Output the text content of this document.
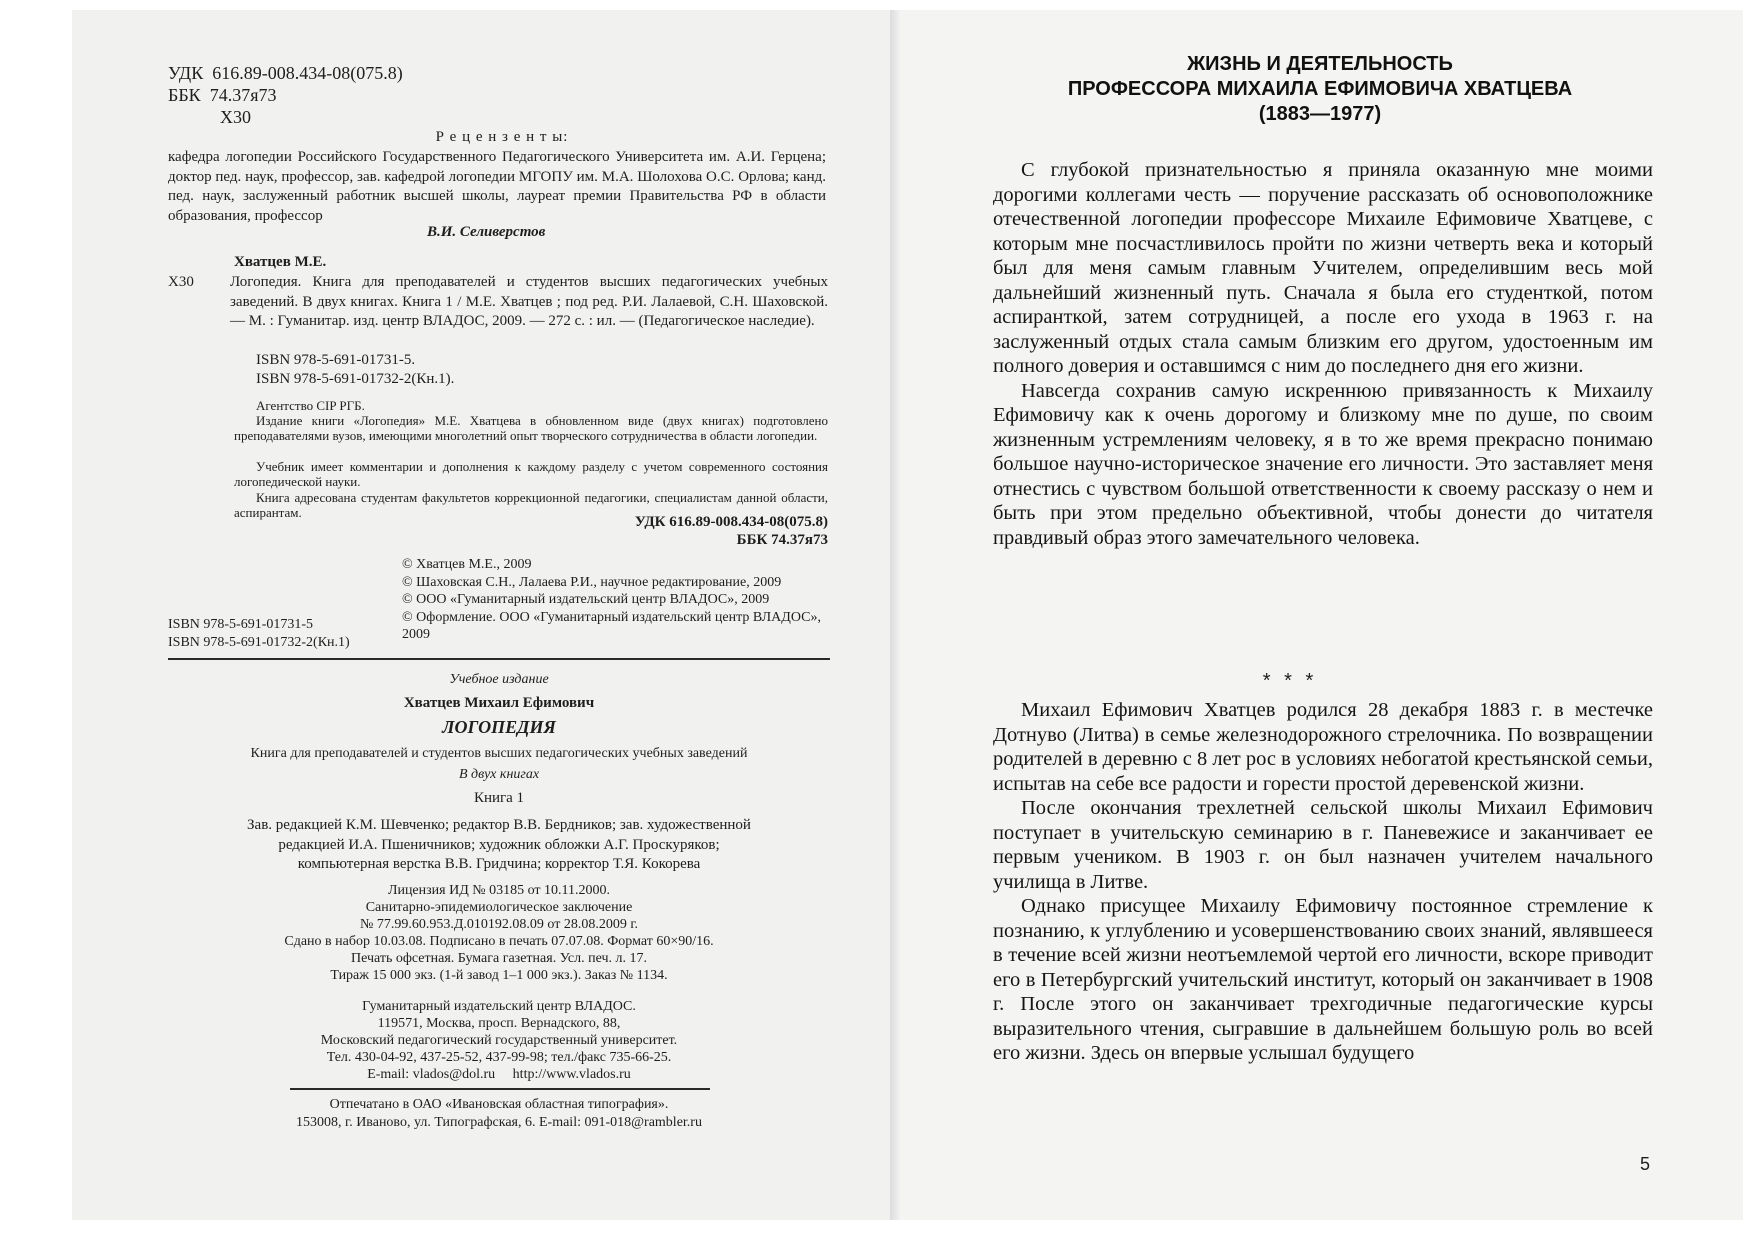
УДК 616.89-008.434-08(075.8)
ББК 74.37я73
Х30
Р е ц е н з е н т ы:
кафедра логопедии Российского Государственного Педагогического Университета им. А.И. Герцена; доктор пед. наук, профессор, зав. кафедрой логопедии МГОПУ им. М.А. Шолохова О.С. Орлова; канд. пед. наук, заслуженный работник высшей школы, лауреат премии Правительства РФ в области образования, профессор
В.И. Селиверстов
Хватцев М.Е.
Х30 Логопедия. Книга для преподавателей и студентов высших педагогических учебных заведений. В двух книгах. Книга 1 / М.Е. Хватцев ; под ред. Р.И. Лалаевой, С.Н. Шаховской. — М. : Гуманитар. изд. центр ВЛАДОС, 2009. — 272 с. : ил. — (Педагогическое наследие).
ISBN 978-5-691-01731-5.
ISBN 978-5-691-01732-2(Кн.1).
Агентство CIP РГБ.
Издание книги «Логопедия» М.Е. Хватцева в обновленном виде (двух книгах) подготовлено преподавателями вузов, имеющими многолетний опыт творческого сотрудничества в области логопедии.
Учебник имеет комментарии и дополнения к каждому разделу с учетом современного состояния логопедической науки.
Книга адресована студентам факультетов коррекционной педагогики, специалистам данной области, аспирантам.
УДК 616.89-008.434-08(075.8)
ББК 74.37я73
© Хватцев М.Е., 2009
© Шаховская С.Н., Лалаева Р.И., научное редактирование, 2009
© ООО «Гуманитарный издательский центр ВЛАДОС», 2009
© Оформление. ООО «Гуманитарный издательский центр ВЛАДОС», 2009
ISBN 978-5-691-01731-5
ISBN 978-5-691-01732-2(Кн.1)
Учебное издание
Хватцев Михаил Ефимович
ЛОГОПЕДИЯ
Книга для преподавателей и студентов высших педагогических учебных заведений
В двух книгах
Книга 1
Зав. редакцией К.М. Шевченко; редактор В.В. Бердников; зав. художественной
редакцией И.А. Пшеничников; художник обложки А.Г. Проскуряков;
компьютерная верстка В.В. Гридчина; корректор Т.Я. Кокорева
Лицензия ИД № 03185 от 10.11.2000.
Санитарно-эпидемиологическое заключение
№ 77.99.60.953.Д.010192.08.09 от 28.08.2009 г.
Сдано в набор 10.03.08. Подписано в печать 07.07.08. Формат 60×90/16.
Печать офсетная. Бумага газетная. Усл. печ. л. 17.
Тираж 15 000 экз. (1-й завод 1–1 000 экз.). Заказ № 1134.
Гуманитарный издательский центр ВЛАДОС.
119571, Москва, просп. Вернадского, 88,
Московский педагогический государственный университет.
Тел. 430-04-92, 437-25-52, 437-99-98; тел./факс 735-66-25.
E-mail: vlados@dol.ru     http://www.vlados.ru
Отпечатано в ОАО «Ивановская областная типография».
153008, г. Иваново, ул. Типографская, 6. E-mail: 091-018@rambler.ru
ЖИЗНЬ И ДЕЯТЕЛЬНОСТЬ
ПРОФЕССОРА МИХАИЛА ЕФИМОВИЧА ХВАТЦЕВА
(1883—1977)

С глубокой признательностью я приняла оказанную мне моими дорогими коллегами честь — поручение рассказать об основоположнике отечественной логопедии профессоре Михаиле Ефимовиче Хватцеве, с которым мне посчастливилось пройти по жизни четверть века и который был для меня самым главным Учителем, определившим весь мой дальнейший жизненный путь. Сначала я была его студенткой, потом аспиранткой, затем сотрудницей, а после его ухода в 1963 г. на заслуженный отдых стала самым близким его другом, удостоенным им полного доверия и оставшимся с ним до последнего дня его жизни.

Навсегда сохранив самую искреннюю привязанность к Михаилу Ефимовичу как к очень дорогому и близкому мне по душе, по своим жизненным устремлениям человеку, я в то же время прекрасно понимаю большое научно-историческое значение его личности. Это заставляет меня отнестись с чувством большой ответственности к своему рассказу о нем и быть при этом предельно объективной, чтобы донести до читателя правдивый образ этого замечательного человека.

* * *

Михаил Ефимович Хватцев родился 28 декабря 1883 г. в местечке Дотнуво (Литва) в семье железнодорожного стрелочника. По возвращении родителей в деревню с 8 лет рос в условиях небогатой крестьянской семьи, испытав на себе все радости и горести простой деревенской жизни.

После окончания трехлетней сельской школы Михаил Ефимович поступает в учительскую семинарию в г. Паневежисе и заканчивает ее первым учеником. В 1903 г. он был назначен учителем начального училища в Литве.

Однако присущее Михаилу Ефимовичу постоянное стремление к познанию, к углублению и усовершенствованию своих знаний, являвшееся в течение всей жизни неотъемлемой чертой его личности, вскоре приводит его в Петербургский учительский институт, который он заканчивает в 1908 г. После этого он заканчивает трехгодичные педагогические курсы выразительного чтения, сыгравшие в дальнейшем большую роль во всей его жизни. Здесь он впервые услышал будущего

5
